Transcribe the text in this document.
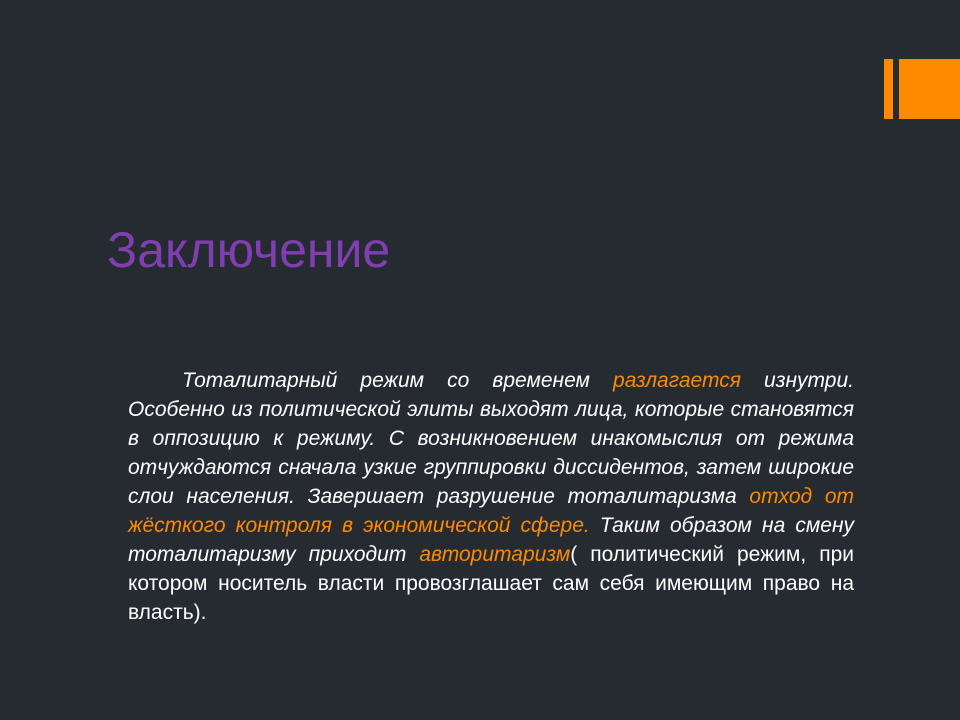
Заключение

Тоталитарный режим со временем разлагается изнутри. Особенно из политической элиты выходят лица, которые становятся в оппозицию к режиму. С возникновением инакомыслия от режима отчуждаются сначала узкие группировки диссидентов, затем широкие слои населения. Завершает разрушение тоталитаризма отход от жёсткого контроля в экономической сфере. Таким образом на смену тоталитаризму приходит авторитаризм( политический режим, при котором носитель власти провозглашает сам себя имеющим право на власть).
